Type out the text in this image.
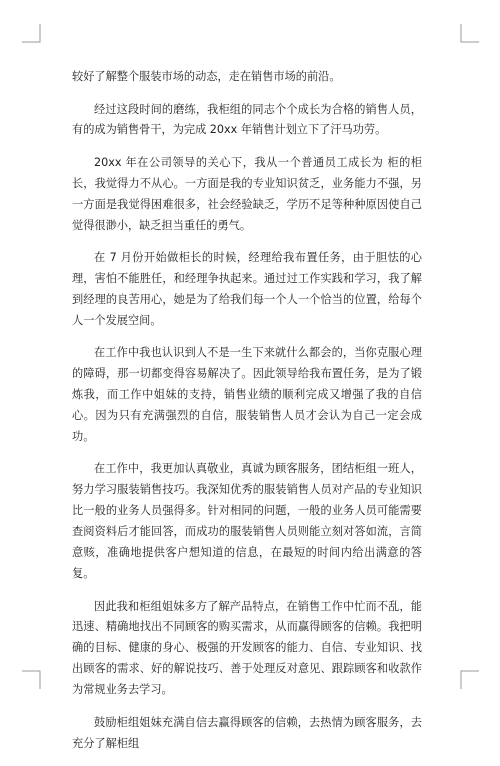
较好了解整个服装市场的动态，走在销售市场的前沿。

经过这段时间的磨练，我柜组的同志个个成长为合格的销售人员，有的成为销售骨干，为完成 20xx 年销售计划立下了汗马功劳。

20xx 年在公司领导的关心下，我从一个普通员工成长为 柜的柜长，我觉得力不从心。一方面是我的专业知识贫乏，业务能力不强，另一方面是我觉得困难很多，社会经验缺乏，学历不足等种种原因使自己觉得很渺小，缺乏担当重任的勇气。

在 7 月份开始做柜长的时候，经理给我布置任务，由于胆怯的心理，害怕不能胜任，和经理争执起来。通过过工作实践和学习，我了解到经理的良苦用心，她是为了给我们每一个人一个恰当的位置，给每个人一个发展空间。

在工作中我也认识到人不是一生下来就什么都会的，当你克服心理的障碍，那一切都变得容易解决了。因此领导给我布置任务，是为了锻炼我，而工作中姐妹的支持，销售业绩的顺利完成又增强了我的自信心。因为只有充满强烈的自信，服装销售人员才会认为自己一定会成功。

在工作中，我更加认真敬业，真诚为顾客服务，团结柜组一班人，努力学习服装销售技巧。我深知优秀的服装销售人员对产品的专业知识比一般的业务人员强得多。针对相同的问题，一般的业务人员可能需要查阅资料后才能回答，而成功的服装销售人员则能立刻对答如流，言简意赅，准确地提供客户想知道的信息，在最短的时间内给出满意的答复。

因此我和柜组姐妹多方了解产品特点，在销售工作中忙而不乱，能迅速、精确地找出不同顾客的购买需求，从而赢得顾客的信赖。我把明确的目标、健康的身心、极强的开发顾客的能力、自信、专业知识、找出顾客的需求、好的解说技巧、善于处理反对意见、跟踪顾客和收款作为常规业务去学习。

鼓励柜组姐妹充满自信去赢得顾客的信赖，去热情为顾客服务，去充分了解柜组
